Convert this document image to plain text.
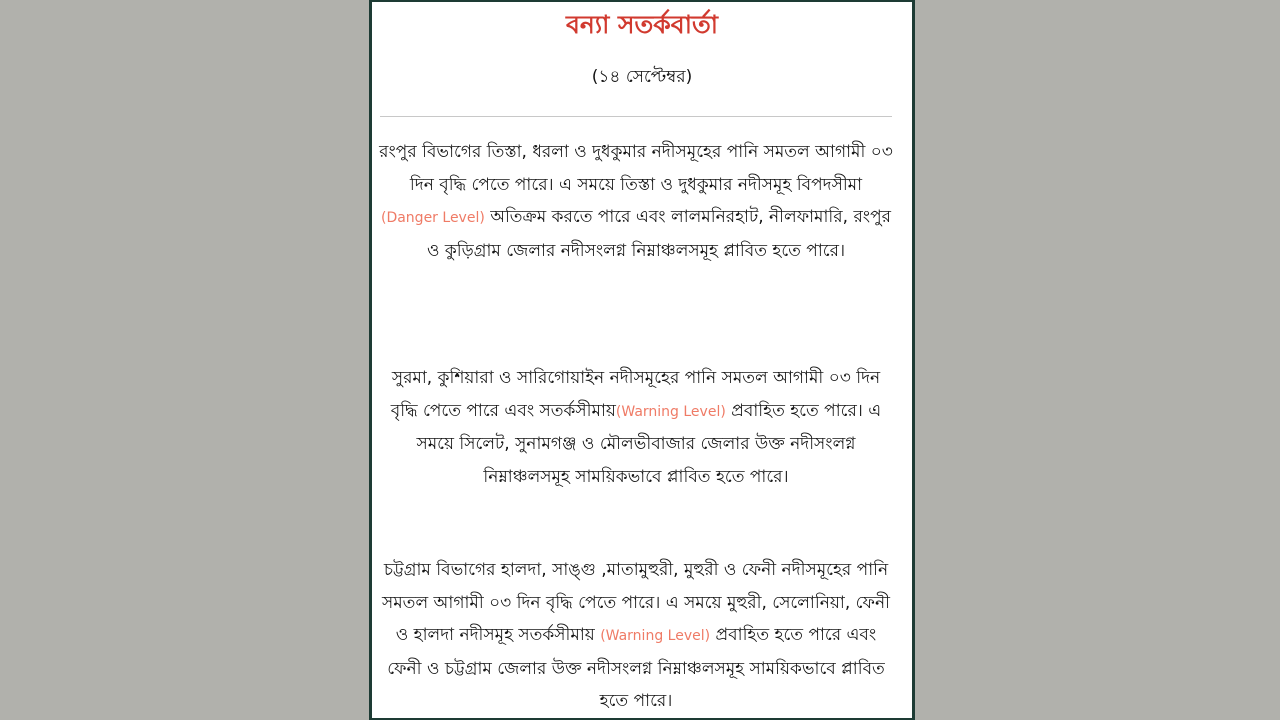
বন্যা সতর্কবার্তা
(১৪ সেপ্টেম্বর)
রংপুর বিভাগের তিস্তা, ধরলা ও দুধকুমার নদীসমূহের পানি সমতল আগামী ০৩ দিন বৃদ্ধি পেতে পারে। এ সময়ে তিস্তা ও দুধকুমার নদীসমূহ বিপদসীমা (Danger Level) অতিক্রম করতে পারে এবং লালমনিরহাট, নীলফামারি, রংপুর ও কুড়িগ্রাম জেলার নদীসংলগ্ন নিম্নাঞ্চলসমূহ প্লাবিত হতে পারে।
সুরমা, কুশিয়ারা ও সারিগোয়াইন নদীসমূহের পানি সমতল আগামী ০৩ দিন বৃদ্ধি পেতে পারে এবং সতর্কসীমায়(Warning Level) প্রবাহিত হতে পারে। এ সময়ে সিলেট, সুনামগঞ্জ ও মৌলভীবাজার জেলার উক্ত নদীসংলগ্ন নিম্নাঞ্চলসমূহ সাময়িকভাবে প্লাবিত হতে পারে।
চট্টগ্রাম বিভাগের হালদা, সাঙ্গু ,মাতামুহুরী, মুহুরী ও ফেনী নদীসমূহের পানি সমতল আগামী ০৩ দিন বৃদ্ধি পেতে পারে। এ সময়ে মুহুরী, সেলোনিয়া, ফেনী ও হালদা নদীসমূহ সতর্কসীমায় (Warning Level) প্রবাহিত হতে পারে এবং ফেনী ও চট্টগ্রাম জেলার উক্ত নদীসংলগ্ন নিম্নাঞ্চলসমূহ সাময়িকভাবে প্লাবিত হতে পারে।
